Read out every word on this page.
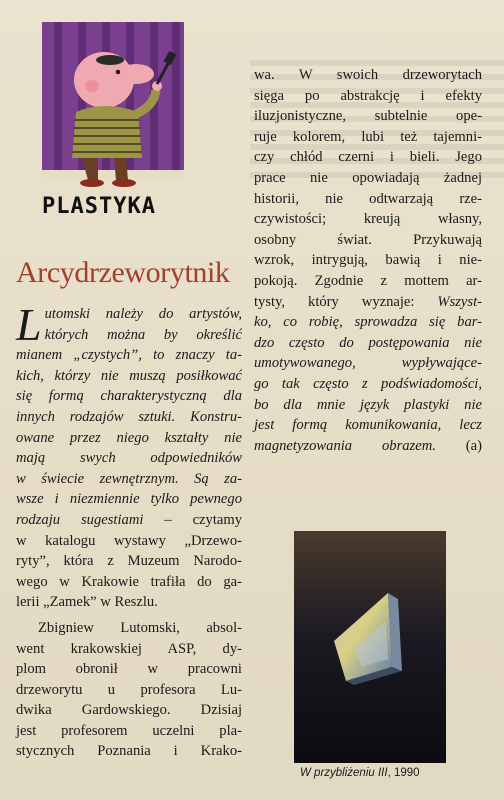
PLASTYKA
Arcydrzeworytnik

L utomski należy do artystów,
których można by określić
mianem „czystych”, to znaczy ta-
kich, którzy nie muszą posiłkować
się formą charakterystyczną dla
innych rodzajów sztuki. Konstru-
owane przez niego kształty nie
mają swych odpowiedników
w świecie zewnętrznym. Są za-
wsze i niezmiennie tylko pewnego
rodzaju sugestiami – czytamy
w katalogu wystawy „Drzewo-
ryty”, która z Muzeum Narodo-
wego w Krakowie trafiła do ga-
lerii „Zamek” w Reszlu.

Zbigniew Lutomski, absol-
went krakowskiej ASP, dy-
plom obronił w pracowni
drzeworytu u profesora Lu-
dwika Gardowskiego. Dzisiaj
jest profesorem uczelni pla-
stycznych Poznania i Krako-

wa. W swoich drzeworytach
sięga po abstrakcję i efekty
iluzjonistyczne, subtelnie ope-
ruje kolorem, lubi też tajemni-
czy chłód czerni i bieli. Jego
prace nie opowiadają żadnej
historii, nie odtwarzają rze-
czywistości; kreują własny,
osobny świat. Przykuwają
wzrok, intrygują, bawią i nie-
pokoją. Zgodnie z mottem ar-
tysty, który wyznaje: Wszyst-
ko, co robię, sprowadza się bar-
dzo często do postępowania nie
umotywowanego, wypływające-
go tak często z podświadomości,
bo dla mnie język plastyki nie
jest formą komunikowania, lecz
magnetyzowania obrazem. (a)

W przybliżeniu III, 1990
